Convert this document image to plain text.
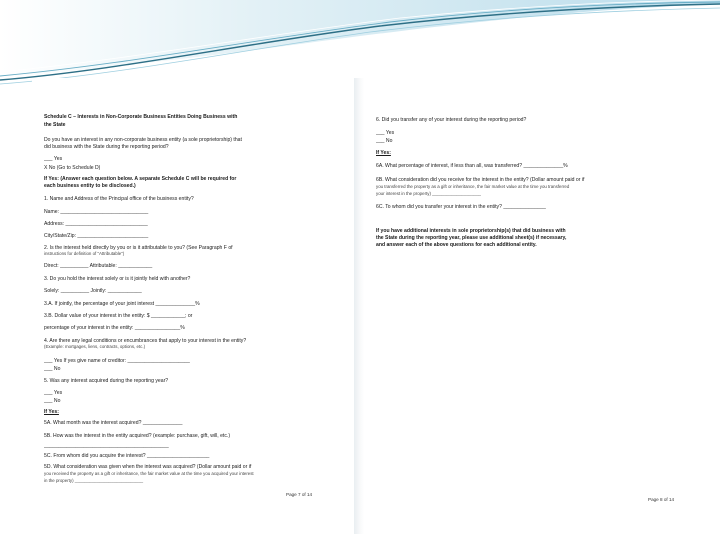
Schedule C – Interests in Non-Corporate Business Entities Doing Business with
the State
Do you have an interest in any non-corporate business entity (a sole proprietorship) that
did business with the State during the reporting period?
___ Yes
X No (Go to Schedule D)
If Yes: (Answer each question below. A separate Schedule C will be required for
each business entity to be disclosed.)
1. Name and Address of the Principal office of the business entity?
Name: _______________________________
Address: _____________________________
City/State/Zip: _________________________
2. Is the interest held directly by you or is it attributable to you? (See Paragraph F of
instructions for definition of "Attributable")
Direct: __________ Attributable: ____________
3. Do you hold the interest solely or is it jointly held with another?
Solely: __________ Jointly: ____________
3.A. If jointly, the percentage of your joint interest ______________%
3.B. Dollar value of your interest in the entity: $ ____________; or
percentage of your interest in the entity: ________________%
4. Are there any legal conditions or encumbrances that apply to your interest in the entity?
(Example: mortgages, liens, contracts, options, etc.)
___ Yes If yes give name of creditor: ______________________
___ No
5. Was any interest acquired during the reporting year?
___ Yes
___ No
If Yes:
5A. What month was the interest acquired? ______________
5B. How was the interest in the entity acquired? (example: purchase, gift, will, etc.)
____________________________________________
5C. From whom did you acquire the interest? ______________________
5D. What consideration was given when the interest was acquired? (Dollar amount paid or if
you received the property as a gift or inheritance, the fair market value at the time you acquired your interest
in the property) ____________________________
6. Did you transfer any of your interest during the reporting period?
___ Yes
___ No
If Yes:
6A. What percentage of interest, if less than all, was transferred? ______________%
6B. What consideration did you receive for the interest in the entity? (Dollar amount paid or if
you transferred the property as a gift or inheritance, the fair market value at the time you transferred
your interest in the property) ____________________
6C. To whom did you transfer your interest in the entity? _______________
If you have additional interests in sole proprietorship(s) that did business with
the State during the reporting year, please use additional sheet(s) if necessary,
and answer each of the above questions for each additional entity.
Page 7 of 14
Page 8 of 14
